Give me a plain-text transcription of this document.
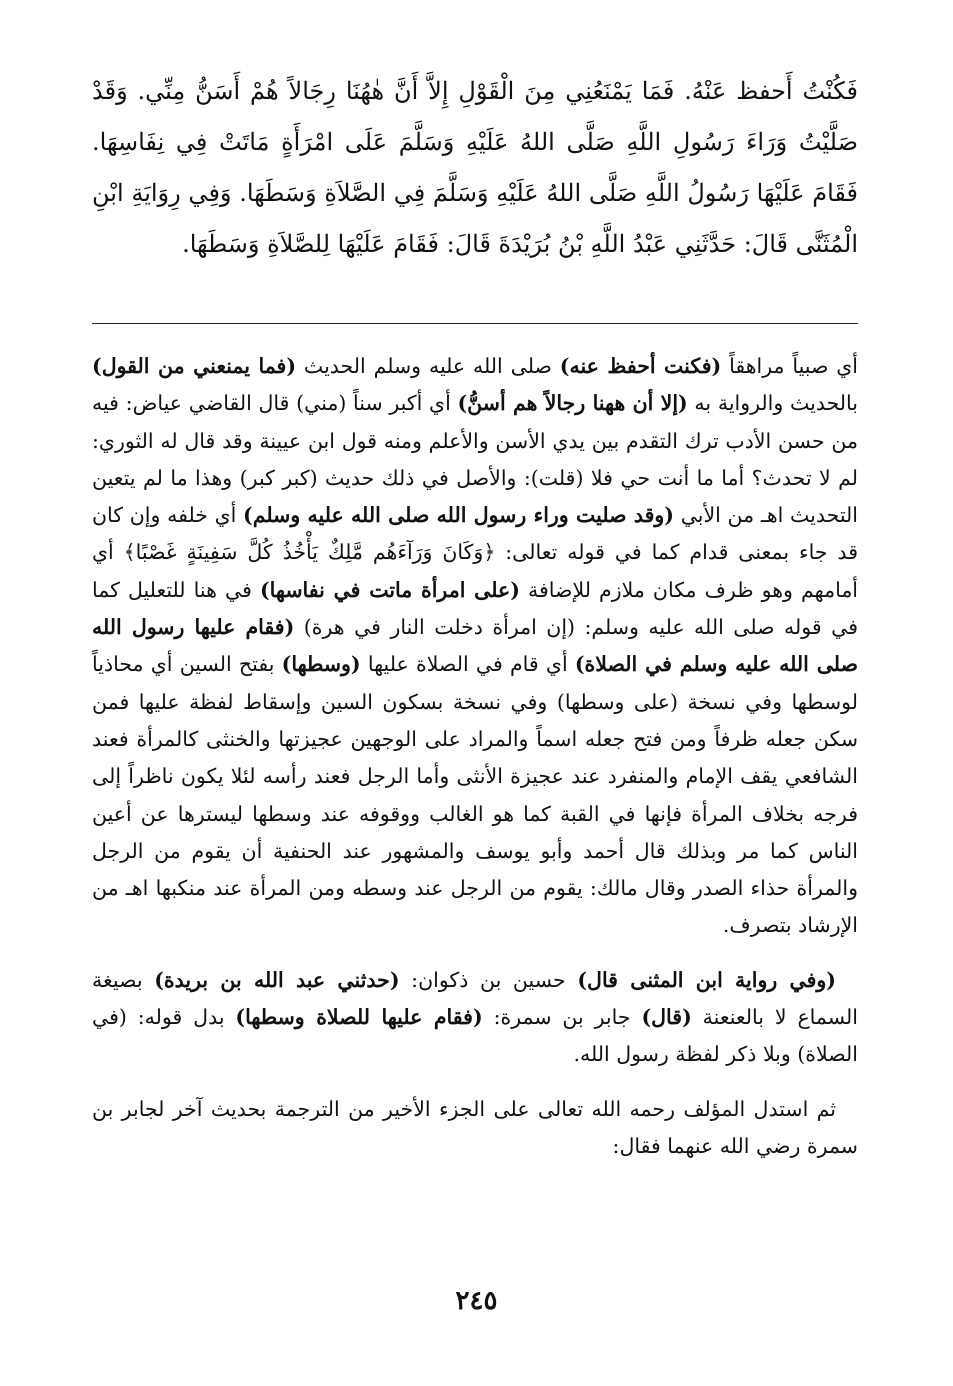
فَكُنْتُ أَحفظ عَنْهُ. فَمَا يَمْنَعُنِي مِنَ الْقَوْلِ إِلاَّ أَنَّ هٰهُنَا رِجَالاً هُمْ أَسَنُّ مِنِّي. وَقَدْ صَلَّيْتُ وَرَاءَ رَسُولِ اللَّهِ صَلَّى اللهُ عَلَيْهِ وَسَلَّمَ عَلَى امْرَأَةٍ مَاتَتْ فِي نِفَاسِهَا. فَقَامَ عَلَيْهَا رَسُولُ اللَّهِ صَلَّى اللهُ عَلَيْهِ وَسَلَّمَ فِي الصَّلاَةِ وَسَطَهَا. وَفِي رِوَايَةِ ابْنِ الْمُثَنَّى قَالَ: حَدَّثَنِي عَبْدُ اللَّهِ بْنُ بُرَيْدَةَ قَالَ: فَقَامَ عَلَيْهَا لِلصَّلاَةِ وَسَطَهَا.

أي صبياً مراهقاً (فكنت أحفظ عنه) صلى الله عليه وسلم الحديث (فما يمنعني من القول) بالحديث والرواية به (إلا أن ههنا رجالاً هم أسنُّ) أي أكبر سناً (مني) قال القاضي عياض: فيه من حسن الأدب ترك التقدم بين يدي الأسن والأعلم ومنه قول ابن عيينة وقد قال له الثوري: لم لا تحدث؟ أما ما أنت حي فلا (قلت): والأصل في ذلك حديث (كبر كبر) وهذا ما لم يتعين التحديث اهـ من الأبي (وقد صليت وراء رسول الله صلى الله عليه وسلم) أي خلفه وإن كان قد جاء بمعنى قدام كما في قوله تعالى: ﴿وَكَانَ وَرَآءَهُم مَّلِكٌ يَأْخُذُ كُلَّ سَفِينَةٍ غَصْبًا﴾ أي أمامهم وهو ظرف مكان ملازم للإضافة (على امرأة ماتت في نفاسها) في هنا للتعليل كما في قوله صلى الله عليه وسلم: (إن امرأة دخلت النار في هرة) (فقام عليها رسول الله صلى الله عليه وسلم في الصلاة) أي قام في الصلاة عليها (وسطها) بفتح السين أي محاذياً لوسطها وفي نسخة (على وسطها) وفي نسخة بسكون السين وإسقاط لفظة عليها فمن سكن جعله ظرفاً ومن فتح جعله اسماً والمراد على الوجهين عجيزتها والخنثى كالمرأة فعند الشافعي يقف الإمام والمنفرد عند عجيزة الأنثى وأما الرجل فعند رأسه لئلا يكون ناظراً إلى فرجه بخلاف المرأة فإنها في القبة كما هو الغالب ووقوفه عند وسطها ليسترها عن أعين الناس كما مر وبذلك قال أحمد وأبو يوسف والمشهور عند الحنفية أن يقوم من الرجل والمرأة حذاء الصدر وقال مالك: يقوم من الرجل عند وسطه ومن المرأة عند منكبها اهـ من الإرشاد بتصرف.

(وفي رواية ابن المثنى قال) حسين بن ذكوان: (حدثني عبد الله بن بريدة) بصيغة السماع لا بالعنعنة (قال) جابر بن سمرة: (فقام عليها للصلاة وسطها) بدل قوله: (في الصلاة) وبلا ذكر لفظة رسول الله.

ثم استدل المؤلف رحمه الله تعالى على الجزء الأخير من الترجمة بحديث آخر لجابر بن سمرة رضي الله عنهما فقال:

٢٤٥
